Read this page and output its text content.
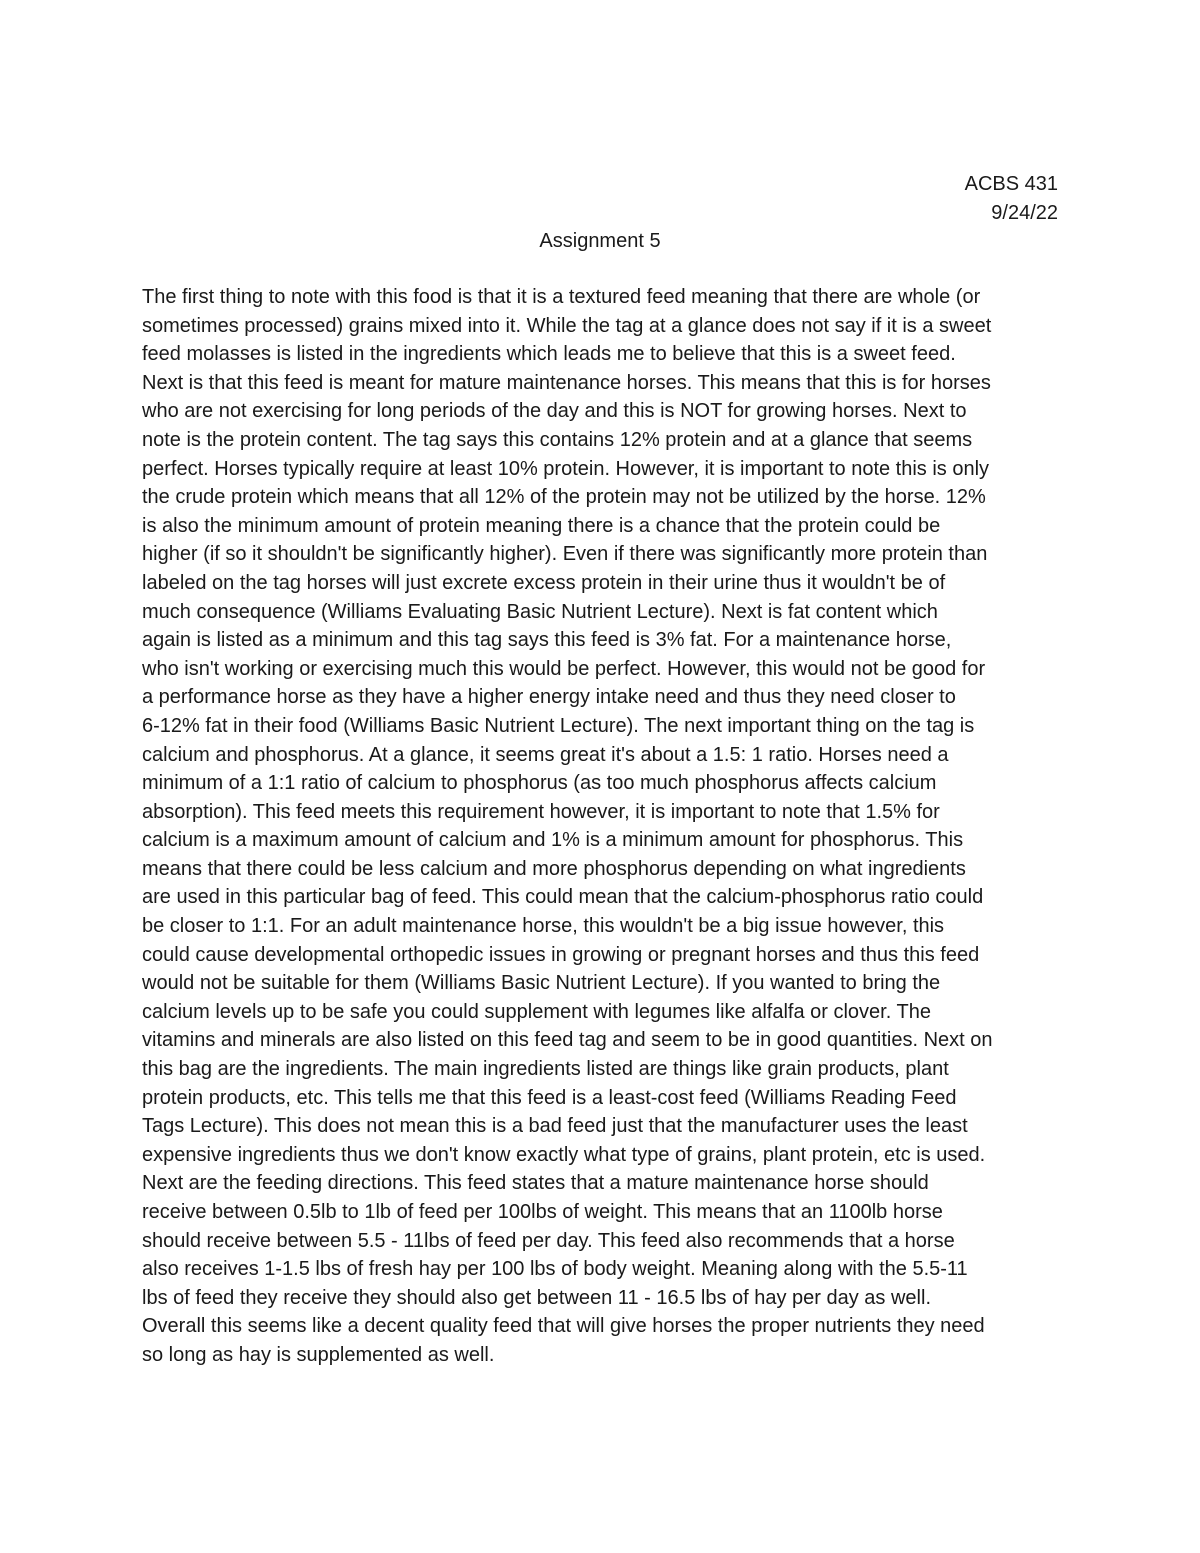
ACBS 431
9/24/22
Assignment 5
The first thing to note with this food is that it is a textured feed meaning that there are whole (or
sometimes processed) grains mixed into it. While the tag at a glance does not say if it is a sweet
feed molasses is listed in the ingredients which leads me to believe that this is a sweet feed.
Next is that this feed is meant for mature maintenance horses. This means that this is for horses
who are not exercising for long periods of the day and this is NOT for growing horses. Next to
note is the protein content. The tag says this contains 12% protein and at a glance that seems
perfect. Horses typically require at least 10% protein. However, it is important to note this is only
the crude protein which means that all 12% of the protein may not be utilized by the horse. 12%
is also the minimum amount of protein meaning there is a chance that the protein could be
higher (if so it shouldn't be significantly higher). Even if there was significantly more protein than
labeled on the tag horses will just excrete excess protein in their urine thus it wouldn't be of
much consequence (Williams Evaluating Basic Nutrient Lecture). Next is fat content which
again is listed as a minimum and this tag says this feed is 3% fat. For a maintenance horse,
who isn't working or exercising much this would be perfect. However, this would not be good for
a performance horse as they have a higher energy intake need and thus they need closer to
6-12% fat in their food (Williams Basic Nutrient Lecture). The next important thing on the tag is
calcium and phosphorus. At a glance, it seems great it's about a 1.5: 1 ratio. Horses need a
minimum of a 1:1 ratio of calcium to phosphorus (as too much phosphorus affects calcium
absorption). This feed meets this requirement however, it is important to note that 1.5% for
calcium is a maximum amount of calcium and 1% is a minimum amount for phosphorus. This
means that there could be less calcium and more phosphorus depending on what ingredients
are used in this particular bag of feed. This could mean that the calcium-phosphorus ratio could
be closer to 1:1. For an adult maintenance horse, this wouldn't be a big issue however, this
could cause developmental orthopedic issues in growing or pregnant horses and thus this feed
would not be suitable for them (Williams Basic Nutrient Lecture). If you wanted to bring the
calcium levels up to be safe you could supplement with legumes like alfalfa or clover. The
vitamins and minerals are also listed on this feed tag and seem to be in good quantities. Next on
this bag are the ingredients. The main ingredients listed are things like grain products, plant
protein products, etc. This tells me that this feed is a least-cost feed (Williams Reading Feed
Tags Lecture). This does not mean this is a bad feed just that the manufacturer uses the least
expensive ingredients thus we don't know exactly what type of grains, plant protein, etc is used.
Next are the feeding directions. This feed states that a mature maintenance horse should
receive between 0.5lb to 1lb of feed per 100lbs of weight. This means that an 1100lb horse
should receive between 5.5 - 11lbs of feed per day. This feed also recommends that a horse
also receives 1-1.5 lbs of fresh hay per 100 lbs of body weight. Meaning along with the 5.5-11
lbs of feed they receive they should also get between 11 - 16.5 lbs of hay per day as well.
Overall this seems like a decent quality feed that will give horses the proper nutrients they need
so long as hay is supplemented as well.
